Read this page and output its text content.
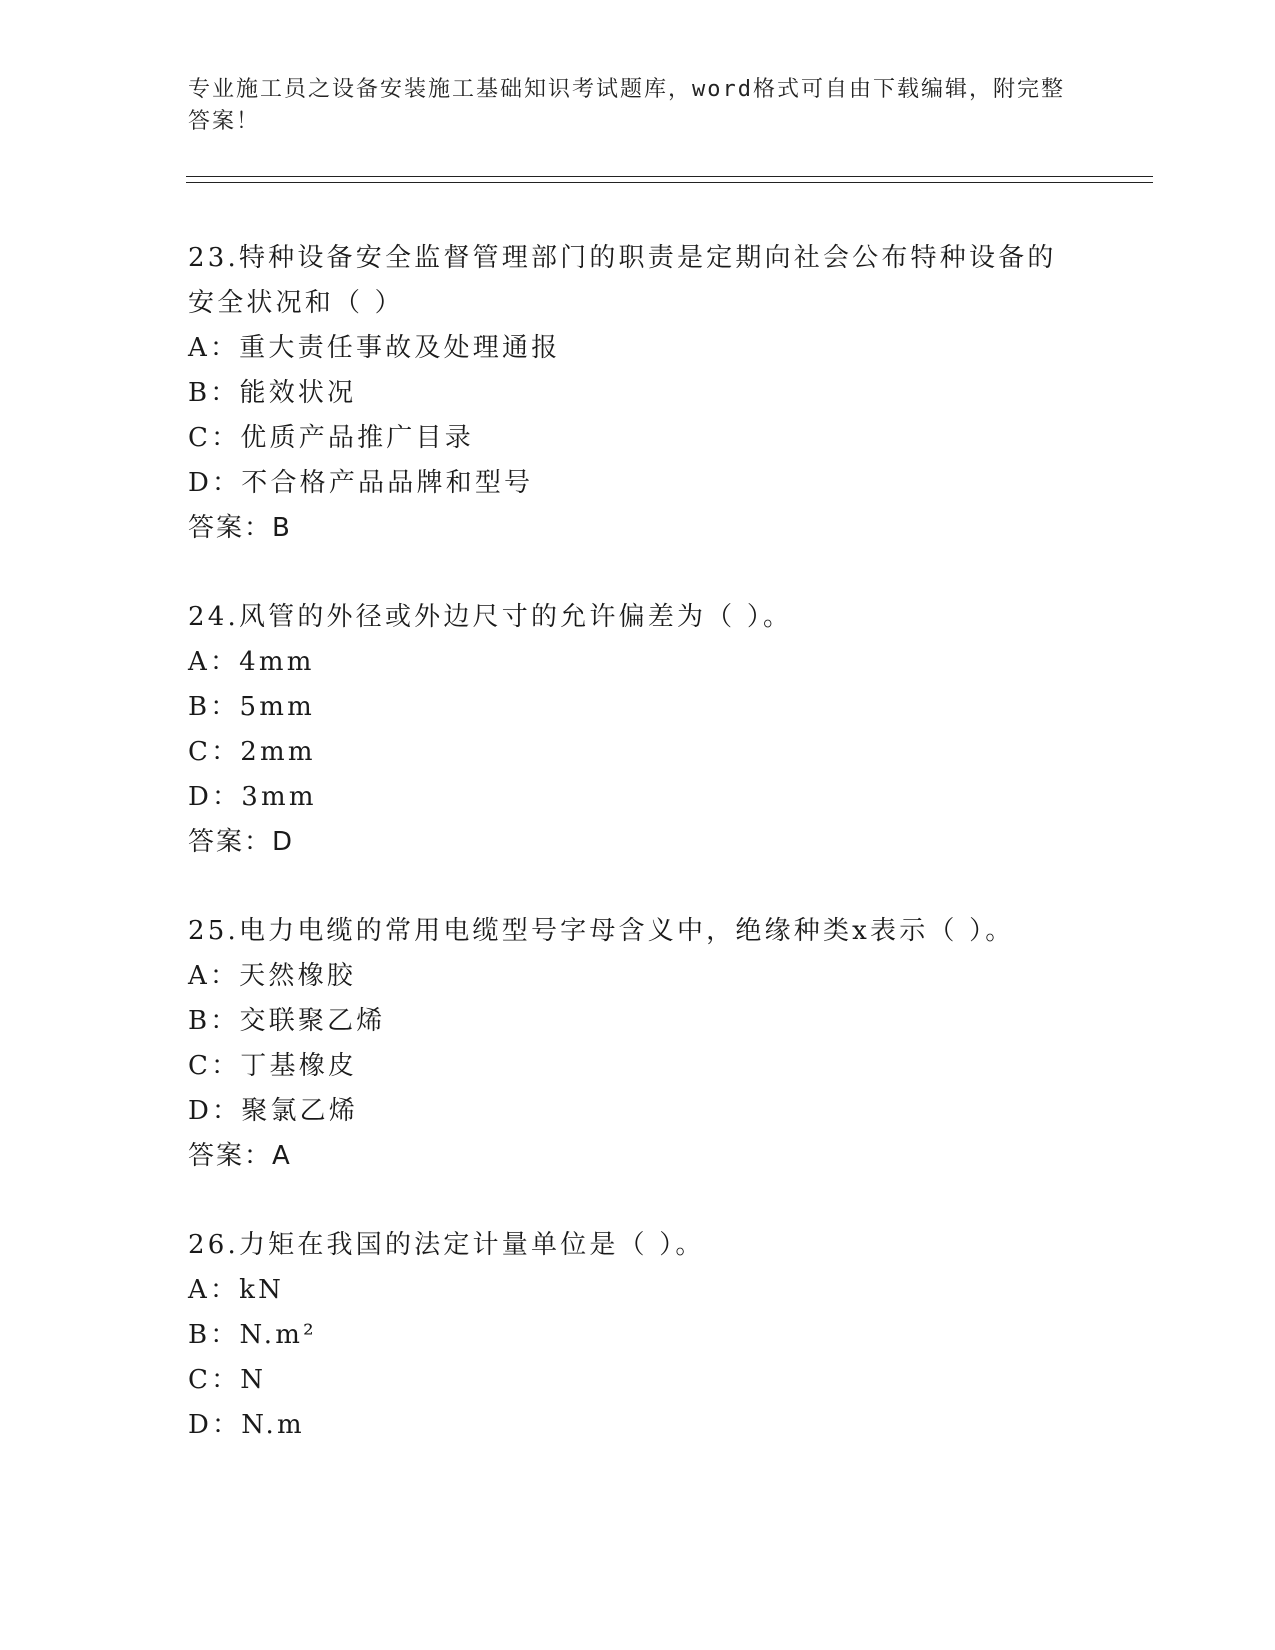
专业施工员之设备安装施工基础知识考试题库，word格式可自由下载编辑，附完整答案！
23.特种设备安全监督管理部门的职责是定期向社会公布特种设备的安全状况和（ ）
A：重大责任事故及处理通报
B：能效状况
C：优质产品推广目录
D：不合格产品品牌和型号
答案：B
24.风管的外径或外边尺寸的允许偏差为（ ）。
A：4mm
B：5mm
C：2mm
D：3mm
答案：D
25.电力电缆的常用电缆型号字母含义中，绝缘种类x表示（ ）。
A：天然橡胶
B：交联聚乙烯
C：丁基橡皮
D：聚氯乙烯
答案：A
26.力矩在我国的法定计量单位是（ ）。
A：kN
B：N.m²
C：N
D：N.m
